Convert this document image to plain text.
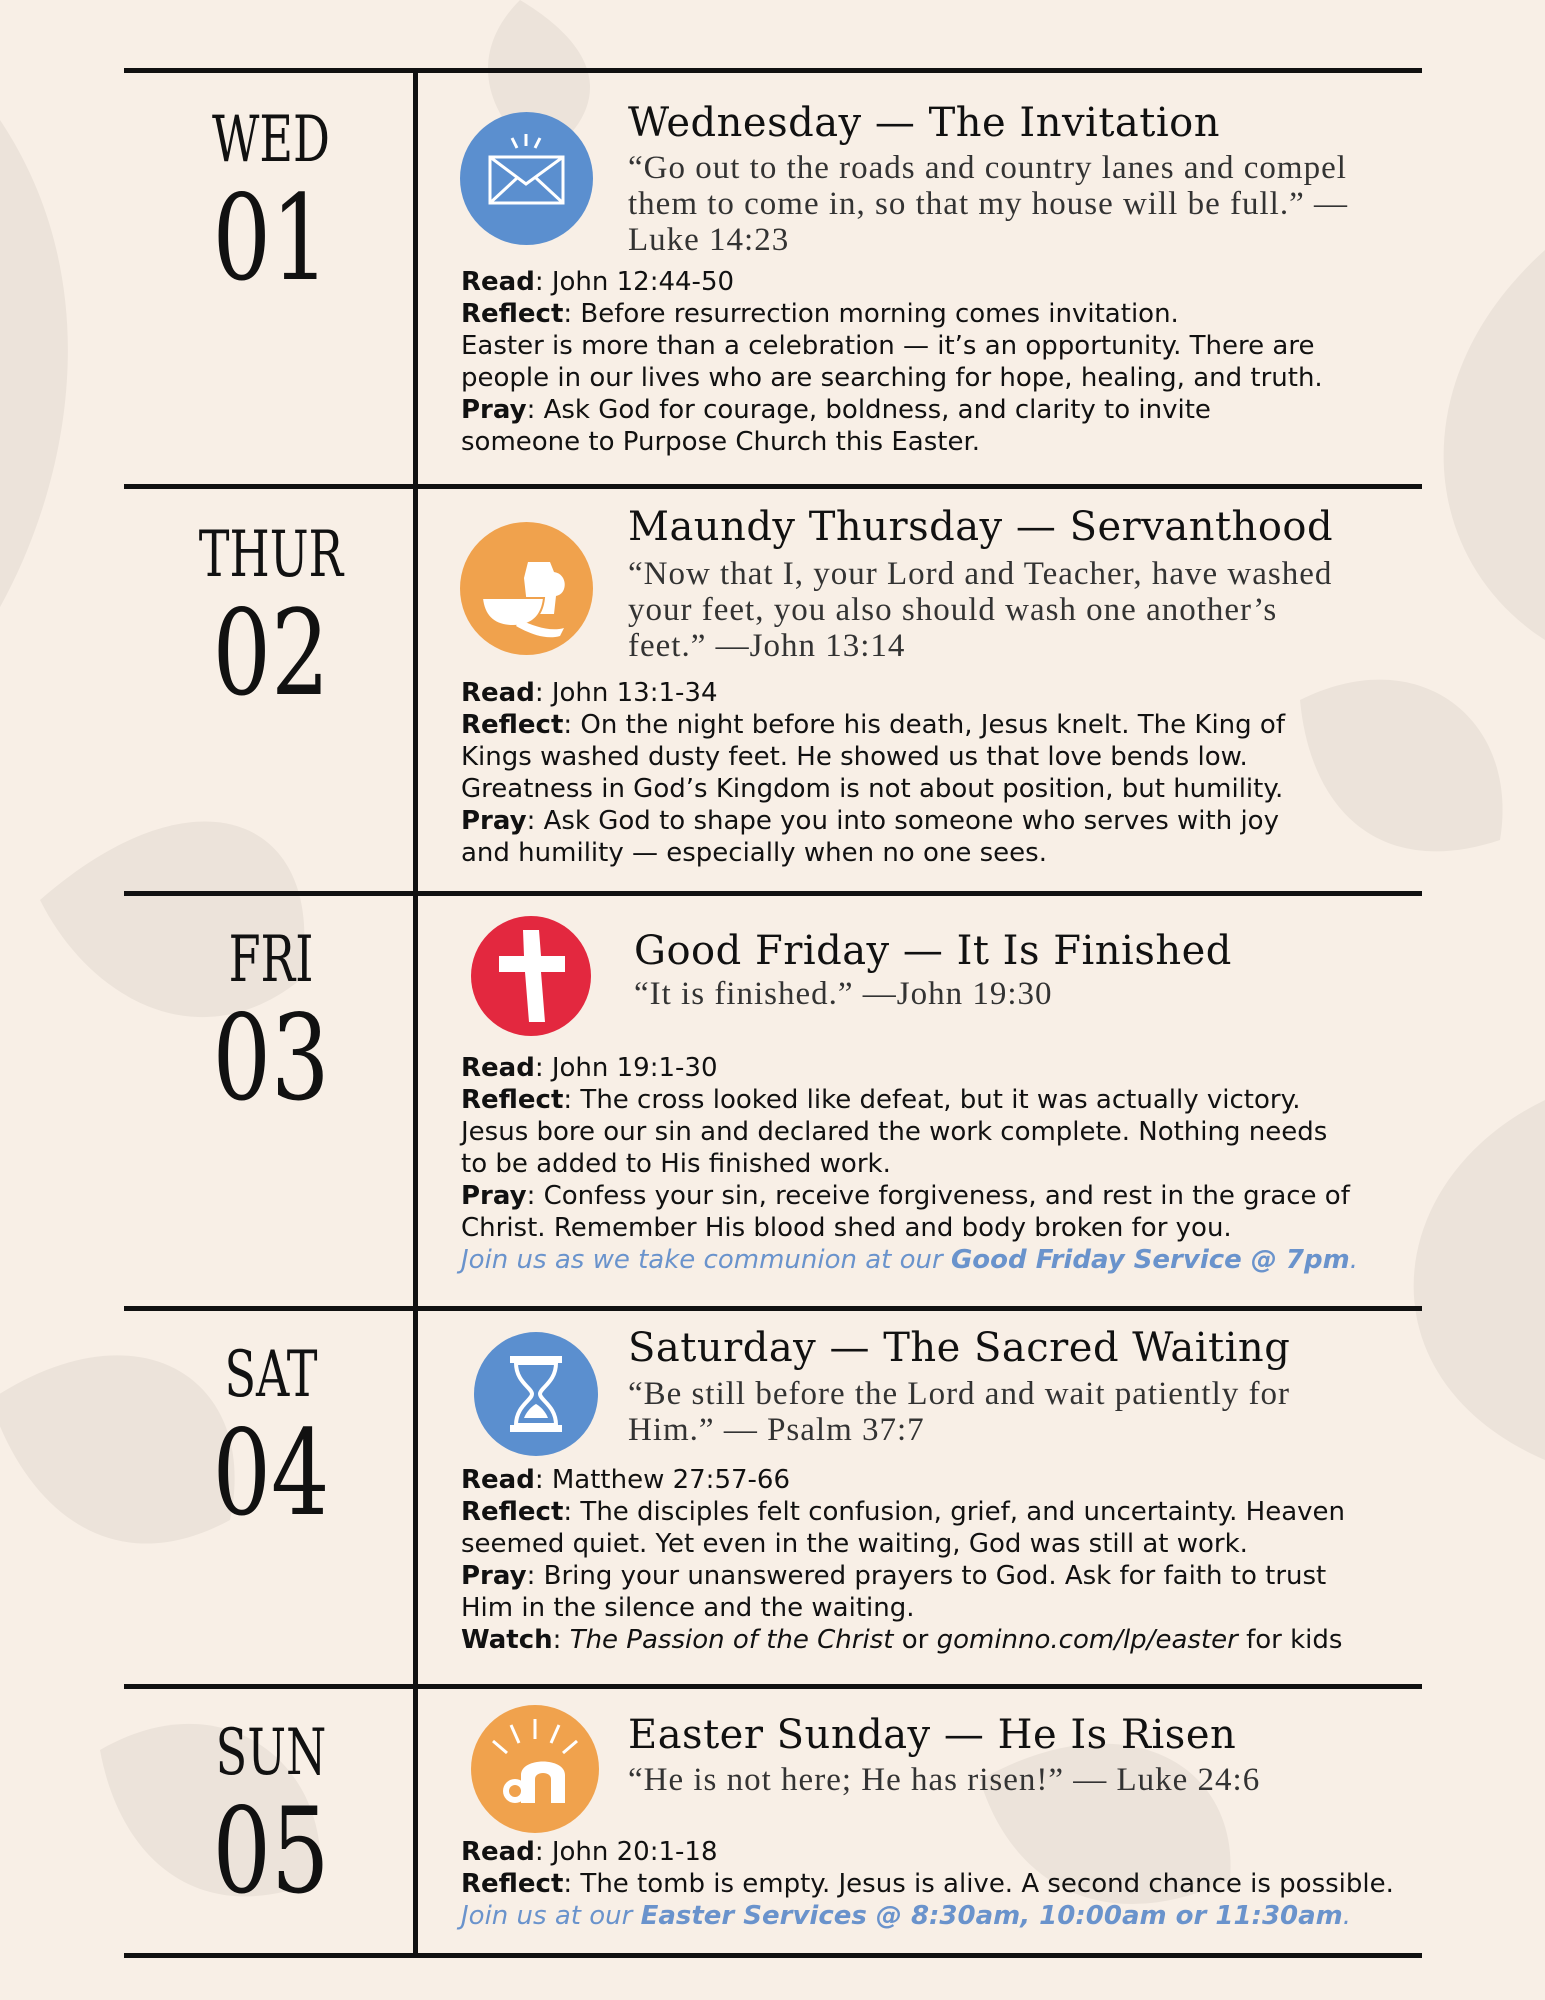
WED
01
Wednesday — The Invitation
“Go out to the roads and country lanes and compel them to come in, so that my house will be full.” — Luke 14:23
Read: John 12:44-50
Reflect: Before resurrection morning comes invitation.
Easter is more than a celebration — it’s an opportunity. There are
people in our lives who are searching for hope, healing, and truth.
Pray: Ask God for courage, boldness, and clarity to invite
someone to Purpose Church this Easter.
THUR
02
Maundy Thursday — Servanthood
“Now that I, your Lord and Teacher, have washed your feet, you also should wash one another’s feet.” —John 13:14
Read: John 13:1-34
Reflect: On the night before his death, Jesus knelt. The King of
Kings washed dusty feet. He showed us that love bends low.
Greatness in God’s Kingdom is not about position, but humility.
Pray: Ask God to shape you into someone who serves with joy
and humility — especially when no one sees.
FRI
03
Good Friday — It Is Finished
“It is finished.” —John 19:30
Read: John 19:1-30
Reflect: The cross looked like defeat, but it was actually victory.
Jesus bore our sin and declared the work complete. Nothing needs
to be added to His finished work.
Pray: Confess your sin, receive forgiveness, and rest in the grace of
Christ. Remember His blood shed and body broken for you.
Join us as we take communion at our Good Friday Service @ 7pm.
SAT
04
Saturday — The Sacred Waiting
“Be still before the Lord and wait patiently for Him.” — Psalm 37:7
Read: Matthew 27:57-66
Reflect: The disciples felt confusion, grief, and uncertainty. Heaven
seemed quiet. Yet even in the waiting, God was still at work.
Pray: Bring your unanswered prayers to God. Ask for faith to trust
Him in the silence and the waiting.
Watch: The Passion of the Christ or gominno.com/lp/easter for kids
SUN
05
Easter Sunday — He Is Risen
“He is not here; He has risen!” — Luke 24:6
Read: John 20:1-18
Reflect: The tomb is empty. Jesus is alive. A second chance is possible.
Join us at our Easter Services @ 8:30am, 10:00am or 11:30am.
